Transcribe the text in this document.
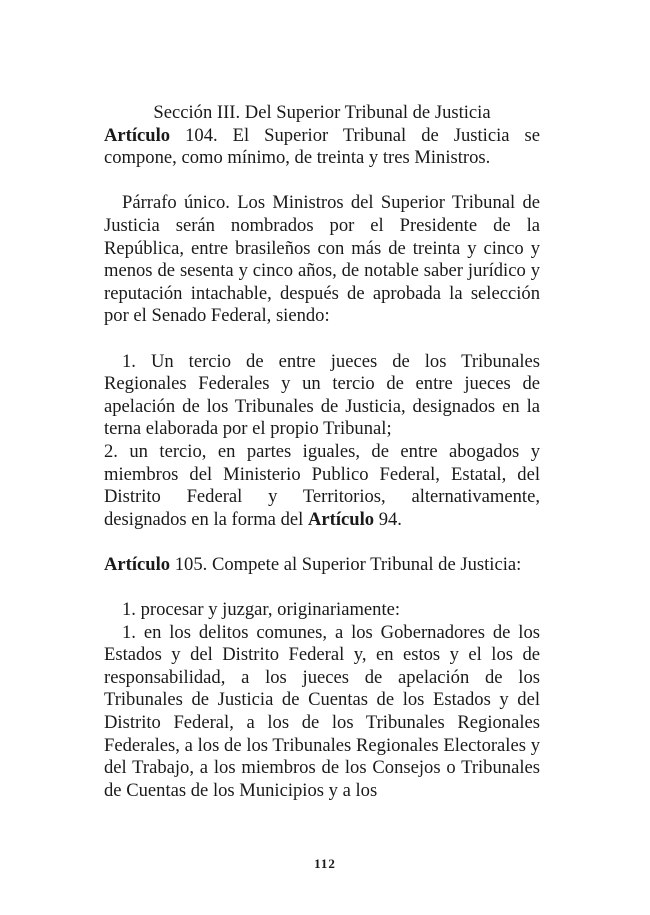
Sección III. Del Superior Tribunal de Justicia

Artículo 104. El Superior Tribunal de Justicia se compone, como mínimo, de treinta y tres Ministros.

Párrafo único. Los Ministros del Superior Tribunal de Justicia serán nombrados por el Presidente de la República, entre brasileños con más de treinta y cinco y menos de sesenta y cinco años, de notable saber jurídico y reputación intachable, después de aprobada la selección por el Senado Federal, siendo:

1. Un tercio de entre jueces de los Tribunales Regionales Federales y un tercio de entre jueces de apelación de los Tribunales de Justicia, designados en la terna elaborada por el propio Tribunal;

2. un tercio, en partes iguales, de entre abogados y miembros del Ministerio Publico Federal, Estatal, del Distrito Federal y Territorios, alternativamente, designados en la forma del Artículo 94.

Artículo 105. Compete al Superior Tribunal de Justicia:

1. procesar y juzgar, originariamente:

1. en los delitos comunes, a los Gobernadores de los Estados y del Distrito Federal y, en estos y el los de responsabilidad, a los jueces de apelación de los Tribunales de Justicia de Cuentas de los Estados y del Distrito Federal, a los de los Tribunales Regionales Federales, a los de los Tribunales Regionales Electorales y del Trabajo, a los miembros de los Consejos o Tribunales de Cuentas de los Municipios y a los

112
